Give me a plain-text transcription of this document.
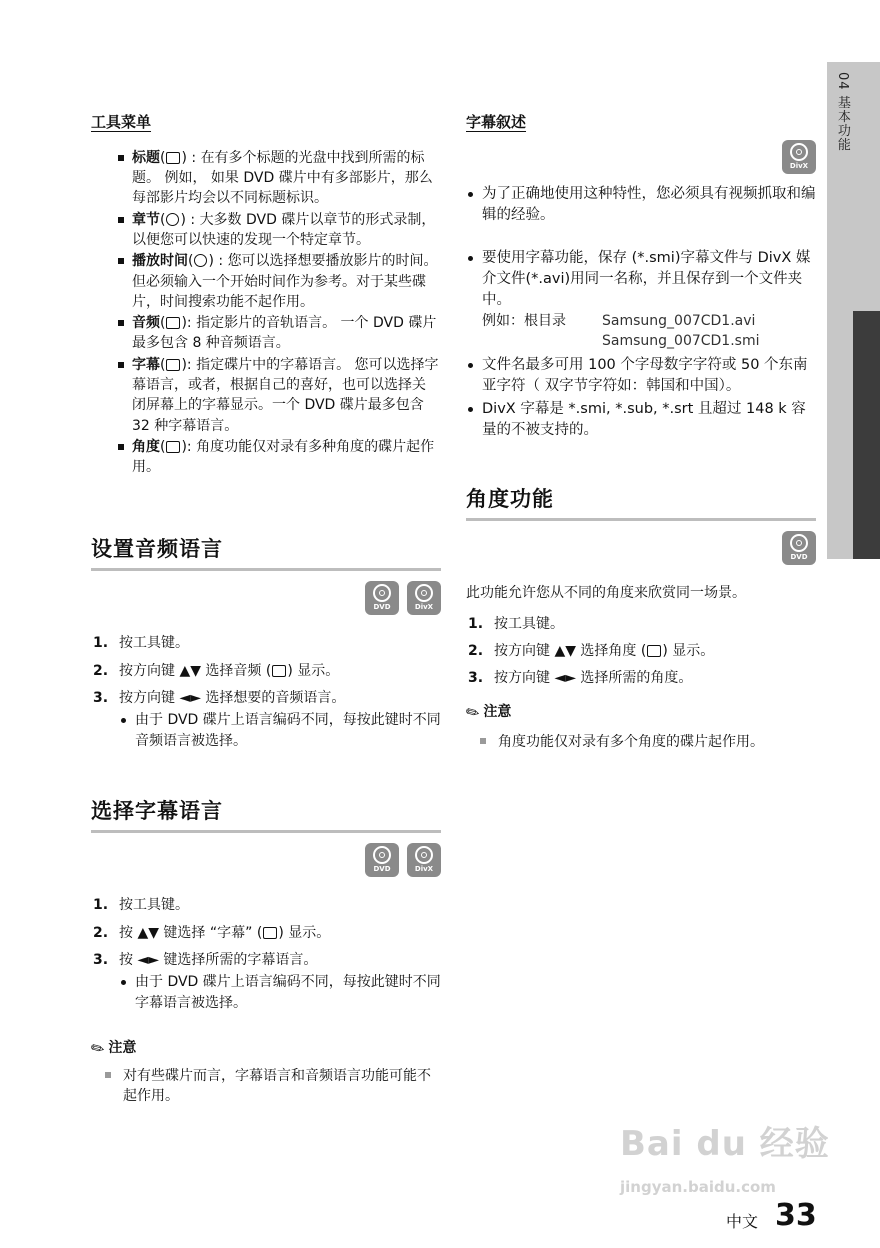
04 基本功能
工具菜单
标题( ) : 在有多个标题的光盘中找到所需的标题。 例如， 如果 DVD 碟片中有多部影片，那么每部影片均会以不同标题标识。
章节( ) : 大多数 DVD 碟片以章节的形式录制，以便您可以快速的发现一个特定章节。
播放时间( ) : 您可以选择想要播放影片的时间。但必须输入一个开始时间作为参考。对于某些碟片，时间搜索功能不起作用。
音频( ): 指定影片的音轨语言。 一个 DVD 碟片最多包含 8 种音频语言。
字幕( ): 指定碟片中的字幕语言。 您可以选择字幕语言，或者，根据自己的喜好，也可以选择关闭屏幕上的字幕显示。一个 DVD 碟片最多包含 32 种字幕语言。
角度( ): 角度功能仅对录有多种角度的碟片起作用。
设置音频语言
DVD	DivX
1. 按工具键。
2. 按方向键 ▲▼ 选择音频 ( ) 显示。
3. 按方向键 ◄► 选择想要的音频语言。
由于 DVD 碟片上语言编码不同，每按此键时不同音频语言被选择。
选择字幕语言
DVD	DivX
1. 按工具键。
2. 按 ▲▼ 键选择 “字幕” ( ) 显示。
3. 按 ◄► 键选择所需的字幕语言。
由于 DVD 碟片上语言编码不同，每按此键时不同字幕语言被选择。
✎ 注意
对有些碟片而言，字幕语言和音频语言功能可能不起作用。
字幕叙述
DivX
为了正确地使用这种特性，您必须具有视频抓取和编辑的经验。
要使用字幕功能，保存 (*.smi)字幕文件与 DivX 媒介文件(*.avi)用同一名称，并且保存到一个文件夹中。
例如：根目录	Samsung_007CD1.avi
Samsung_007CD1.smi
文件名最多可用 100 个字母数字字符或 50 个东南亚字符（ 双字节字符如：韩国和中国）。
DivX 字幕是 *.smi, *.sub, *.srt 且超过 148 k 容量的不被支持的。
角度功能
DVD
此功能允许您从不同的角度来欣赏同一场景。
1. 按工具键。
2. 按方向键 ▲▼ 选择角度 ( ) 显示。
3. 按方向键 ◄► 选择所需的角度。
✎ 注意
角度功能仅对录有多个角度的碟片起作用。
Bai du 经验
jingyan.baidu.com
中文 33
